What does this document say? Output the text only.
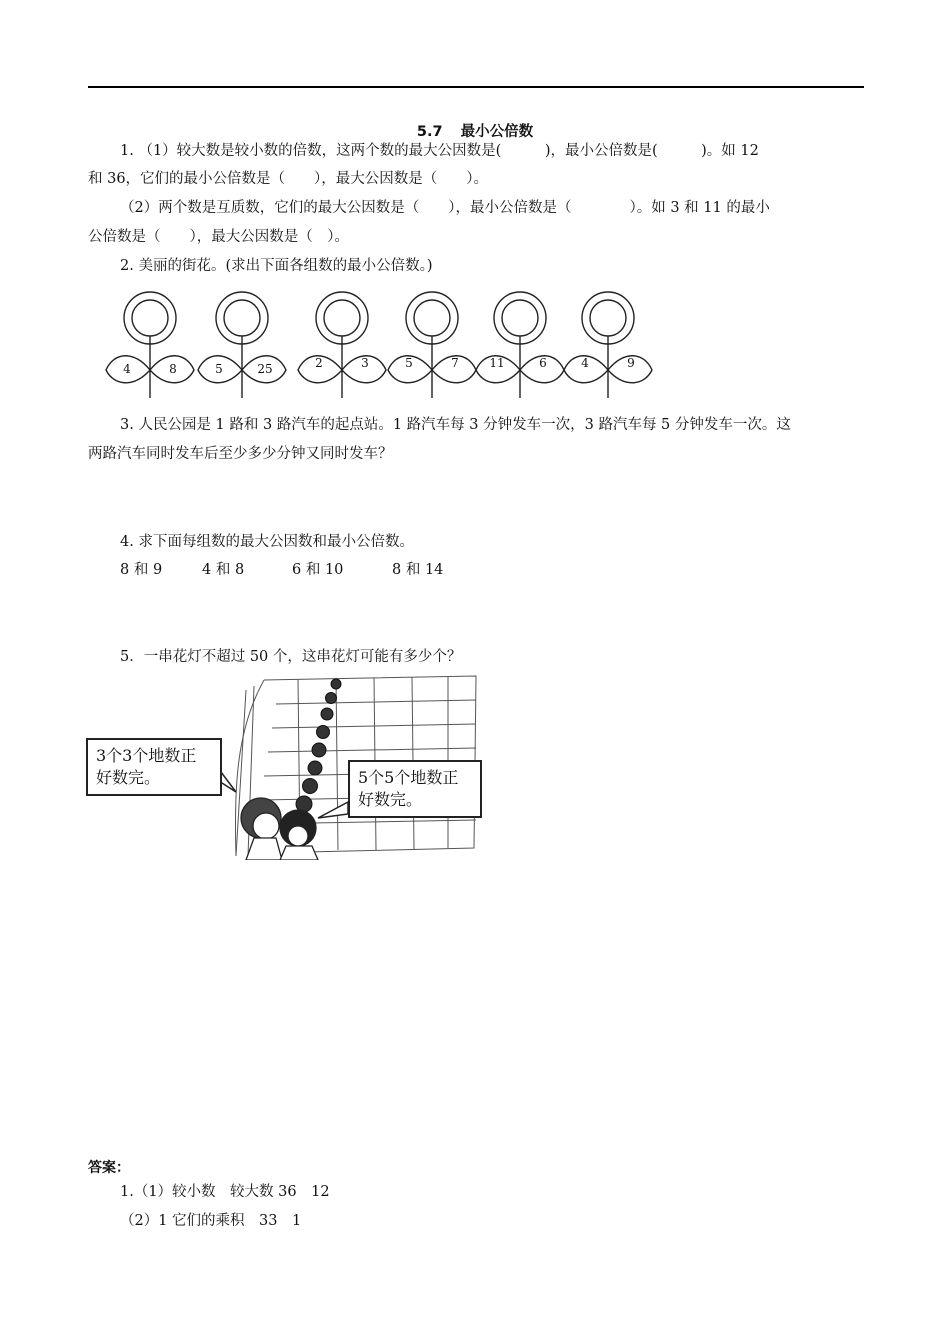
5.7 最小公倍数
1. （1）较大数是较小数的倍数，这两个数的最大公因数是(　　　)，最小公倍数是(　　　)。如 12
和 36，它们的最小公倍数是（　　），最大公因数是（　　）。
（2）两个数是互质数，它们的最大公因数是（　　），最小公倍数是（　　　　）。如 3 和 11 的最小
公倍数是（　　），最大公因数是（　）。
2. 美丽的街花。(求出下面各组数的最小公倍数。)
4	8	5	25	2	3	5	7	11	6	4	9
3. 人民公园是 1 路和 3 路汽车的起点站。1 路汽车每 3 分钟发车一次，3 路汽车每 5 分钟发车一次。这
两路汽车同时发车后至少多少分钟又同时发车？
4. 求下面每组数的最大公因数和最小公倍数。
8 和 9	4 和 8	6 和 10	8 和 14
5．一串花灯不超过 50 个，这串花灯可能有多少个？
3个3个地数正好数完。	5个5个地数正好数完。
答案：
1.（1）较小数　较大数 36　12
（2）1 它们的乘积　33　1
